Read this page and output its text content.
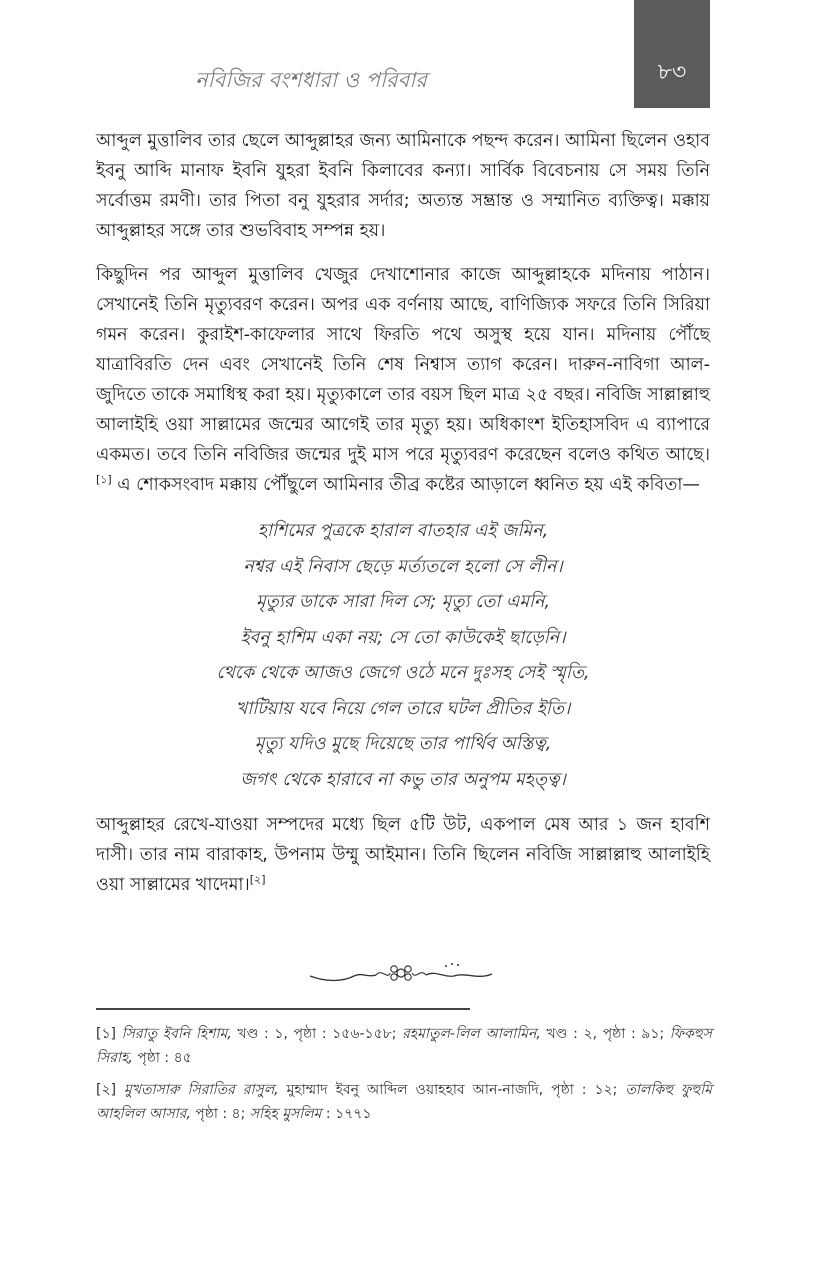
নবিজির বংশধারা ও পরিবার	৮৩

আব্দুল মুত্তালিব তার ছেলে আব্দুল্লাহর জন্য আমিনাকে পছন্দ করেন। আমিনা ছিলেন ওহাব ইবনু আব্দি মানাফ ইবনি যুহরা ইবনি কিলাবের কন্যা। সার্বিক বিবেচনায় সে সময় তিনি সর্বোত্তম রমণী। তার পিতা বনু যুহরার সর্দার; অত্যন্ত সম্ভ্রান্ত ও সম্মানিত ব্যক্তিত্ব। মক্কায় আব্দুল্লাহর সঙ্গে তার শুভবিবাহ সম্পন্ন হয়।

কিছুদিন পর আব্দুল মুত্তালিব খেজুর দেখাশোনার কাজে আব্দুল্লাহকে মদিনায় পাঠান। সেখানেই তিনি মৃত্যুবরণ করেন। অপর এক বর্ণনায় আছে, বাণিজ্যিক সফরে তিনি সিরিয়া গমন করেন। কুরাইশ-কাফেলার সাথে ফিরতি পথে অসুস্থ হয়ে যান। মদিনায় পৌঁছে যাত্রাবিরতি দেন এবং সেখানেই তিনি শেষ নিশ্বাস ত্যাগ করেন। দারুন-নাবিগা আল-জুদিতে তাকে সমাধিস্থ করা হয়। মৃত্যুকালে তার বয়স ছিল মাত্র ২৫ বছর। নবিজি সাল্লাল্লাহু আলাইহি ওয়া সাল্লামের জন্মের আগেই তার মৃত্যু হয়। অধিকাংশ ইতিহাসবিদ এ ব্যাপারে একমত। তবে তিনি নবিজির জন্মের দুই মাস পরে মৃত্যুবরণ করেছেন বলেও কথিত আছে।[১] এ শোকসংবাদ মক্কায় পৌঁছুলে আমিনার তীব্র কষ্টের আড়ালে ধ্বনিত হয় এই কবিতা—

হাশিমের পুত্রকে হারাল বাতহার এই জমিন,
নশ্বর এই নিবাস ছেড়ে মর্ত্যতলে হলো সে লীন।
মৃত্যুর ডাকে সারা দিল সে; মৃত্যু তো এমনি,
ইবনু হাশিম একা নয়; সে তো কাউকেই ছাড়েনি।
থেকে থেকে আজও জেগে ওঠে মনে দুঃসহ সেই স্মৃতি,
খাটিয়ায় যবে নিয়ে গেল তারে ঘটল প্রীতির ইতি।
মৃত্যু যদিও মুছে দিয়েছে তার পার্থিব অস্তিত্ব,
জগৎ থেকে হারাবে না কভু তার অনুপম মহত্ত্ব।

আব্দুল্লাহর রেখে-যাওয়া সম্পদের মধ্যে ছিল ৫টি উট, একপাল মেষ আর ১ জন হাবশি দাসী। তার নাম বারাকাহ, উপনাম উম্মু আইমান। তিনি ছিলেন নবিজি সাল্লাল্লাহু আলাইহি ওয়া সাল্লামের খাদেমা।[২]

[১] সিরাতু ইবনি হিশাম, খণ্ড : ১, পৃষ্ঠা : ১৫৬-১৫৮; রহমাতুল-লিল আলামিন, খণ্ড : ২, পৃষ্ঠা : ৯১; ফিকহুস সিরাহ, পৃষ্ঠা : ৪৫

[২] মুখতাসারু সিরাতির রাসুল, মুহাম্মাদ ইবনু আব্দিল ওয়াহহাব আন-নাজদি, পৃষ্ঠা : ১২; তালকিহু ফুহুমি আহলিল আসার, পৃষ্ঠা : ৪; সহিহ মুসলিম : ১৭৭১
